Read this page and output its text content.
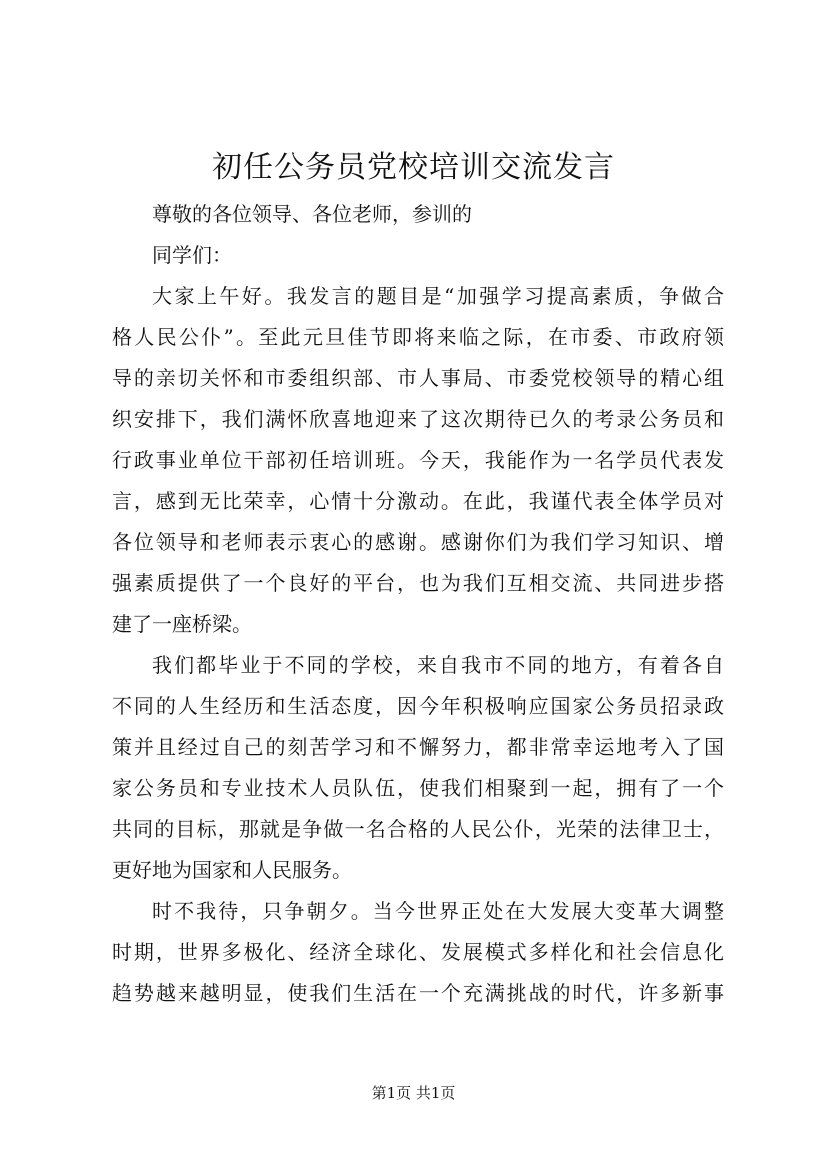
初任公务员党校培训交流发言
尊敬的各位领导、各位老师，参训的
同学们：
大家上午好。我发言的题目是“加强学习提高素质，争做合
格人民公仆”。至此元旦佳节即将来临之际，在市委、市政府领
导的亲切关怀和市委组织部、市人事局、市委党校领导的精心组
织安排下，我们满怀欣喜地迎来了这次期待已久的考录公务员和
行政事业单位干部初任培训班。今天，我能作为一名学员代表发
言，感到无比荣幸，心情十分激动。在此，我谨代表全体学员对
各位领导和老师表示衷心的感谢。感谢你们为我们学习知识、增
强素质提供了一个良好的平台，也为我们互相交流、共同进步搭
建了一座桥梁。
我们都毕业于不同的学校，来自我市不同的地方，有着各自
不同的人生经历和生活态度，因今年积极响应国家公务员招录政
策并且经过自己的刻苦学习和不懈努力，都非常幸运地考入了国
家公务员和专业技术人员队伍，使我们相聚到一起，拥有了一个
共同的目标，那就是争做一名合格的人民公仆，光荣的法律卫士，
更好地为国家和人民服务。
时不我待，只争朝夕。当今世界正处在大发展大变革大调整
时期，世界多极化、经济全球化、发展模式多样化和社会信息化
趋势越来越明显，使我们生活在一个充满挑战的时代，许多新事
第1页 共1页
